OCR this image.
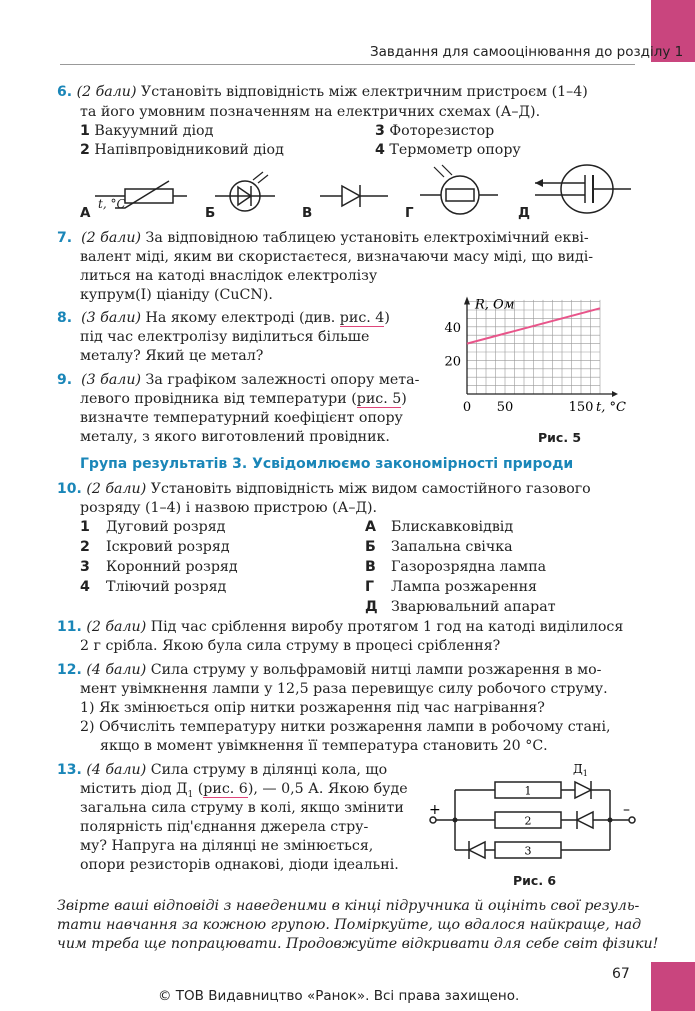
Завдання для самооцінювання до розділу 1
6. (2 бали) Установіть відповідність між електричним пристроєм (1–4)
та його умовним позначенням на електричних схемах (А–Д).
1 Вакуумний діод
2 Напівпровідниковий діод
3 Фоторезистор
4 Термометр опору
А
t, °C
Б	В	Г	Д
7. (2 бали) За відповідною таблицею установіть електрохімічний екві-
валент міді, яким ви скористаєтеся, визначаючи масу міді, що виді-
литься на катоді внаслідок електролізу
купрум(І) ціаніду (CuCN).
8. (3 бали) На якому електроді (див. рис. 4)
під час електролізу виділиться більше
металу? Який це метал?
9. (3 бали) За графіком залежності опору мета-
левого провідника від температури (рис. 5)
визначте температурний коефіцієнт опору
металу, з якого виготовлений провідник.
20
40
0 50	150
R, Ом
t, °C
Рис. 5
Група результатів 3. Усвідомлюємо закономірності природи
10. (2 бали) Установіть відповідність між видом самостійного газового
розряду (1–4) і назвою пристрою (А–Д).
1 Дуговий розряд
2 Іскровий розряд
3 Коронний розряд
4 Тліючий розряд
А Блискавковідвід
Б Запальна свічка
В Газорозрядна лампа
Г Лампа розжарення
Д Зварювальний апарат
11. (2 бали) Під час сріблення виробу протягом 1 год на катоді виділилося
2 г срібла. Якою була сила струму в процесі сріблення?
12. (4 бали) Сила струму у вольфрамовій нитці лампи розжарення в мо-
мент увімкнення лампи у 12,5 раза перевищує силу робочого струму.
1) Як змінюється опір нитки розжарення під час нагрівання?
2) Обчисліть температуру нитки розжарення лампи в робочому стані,
якщо в момент увімкнення її температура становить 20 °С.
13. (4 бали) Сила струму в ділянці кола, що
містить діод $Д_1$ (рис. 6), — 0,5 А. Якою буде
загальна сила струму в колі, якщо змінити
полярність під'єднання джерела стру-
му? Напруга на ділянці не змінюється,
опори резисторів однакові, діоди ідеальні.
1
2
3
+	–
$Д_1$
Рис. 6
Звірте ваші відповіді з наведеними в кінці підручника й оцініть свої резуль-
тати навчання за кожною групою. Поміркуйте, що вдалося найкраще, над
чим треба ще попрацювати. Продовжуйте відкривати для себе світ фізики!
67
© ТОВ Видавництво «Ранок». Всі права захищено.
